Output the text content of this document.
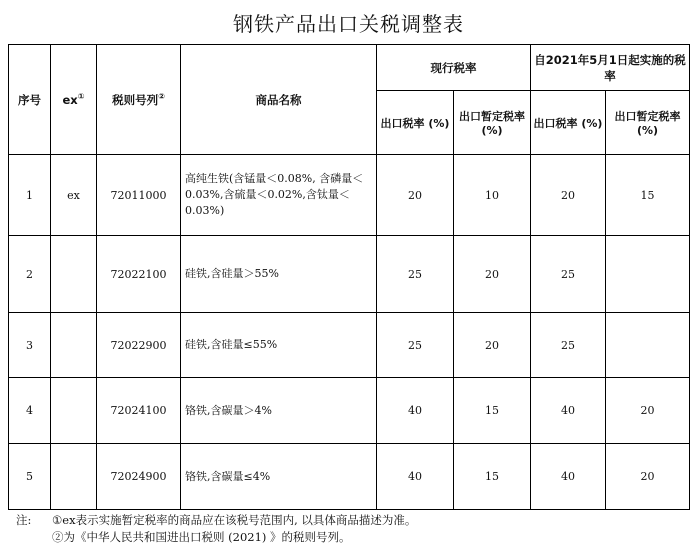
钢铁产品出口关税调整表
序号	ex①	税则号列②	商品名称	现行税率		自2021年5月1日起实施的税率	
				出口税率 (%)	出口暂定税率 (%)	出口税率 (%)	出口暂定税率 (%)
1	ex	72011000	高纯生铁(含锰量＜0.08%, 含磷量＜0.03%,含硫量＜0.02%,含钛量＜0.03%)	20	10	20	15
2		72022100	硅铁,含硅量＞55%	25	20	25	
3		72022900	硅铁,含硅量≤55%	25	20	25	
4		72024100	铬铁,含碳量＞4%	40	15	40	20
5		72024900	铬铁,含碳量≤4%	40	15	40	20
注:	①ex表示实施暂定税率的商品应在该税号范围内, 以具体商品描述为准。
②为《中华人民共和国进出口税则 (2021) 》的税则号列。
